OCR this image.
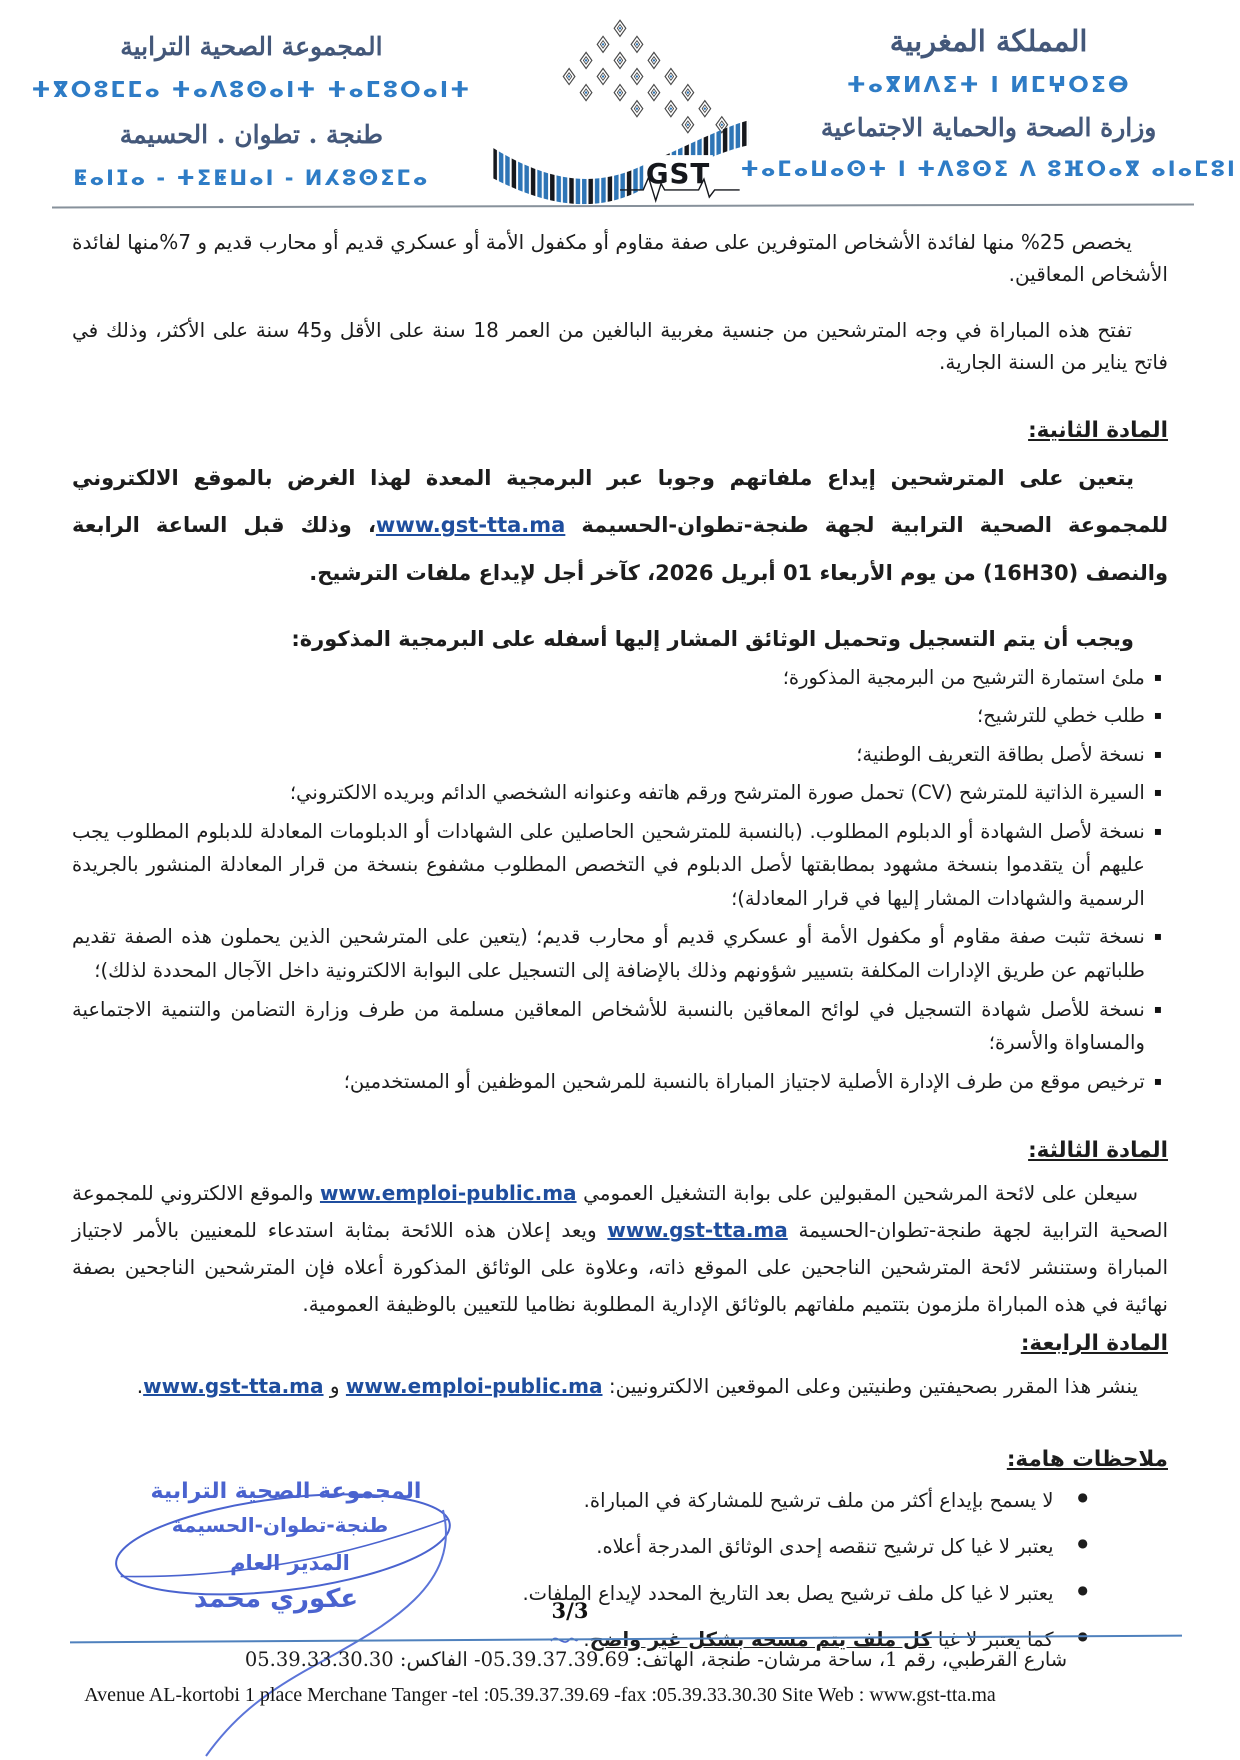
المجموعة الصحية الترابية
ⵜⴳⵔⵓⵎⵎⴰ ⵜⴰⴷⵓⵙⴰⵏⵜ ⵜⴰⵎⵓⵔⴰⵏⵜ
طنجة . تطوان . الحسيمة
ⵟⴰⵏⵊⴰ - ⵜⵉⵟⵡⴰⵏ - ⵍⵃⵓⵙⵉⵎⴰ	GST
المملكة المغربية
ⵜⴰⴳⵍⴷⵉⵜ ⵏ ⵍⵎⵖⵔⵉⴱ
وزارة الصحة والحماية الاجتماعية
ⵜⴰⵎⴰⵡⴰⵙⵜ ⵏ ⵜⴷⵓⵙⵉ ⴷ ⵓⴼⵔⴰⴳ ⴰⵏⴰⵎⵓⵏ

يخصص 25% منها لفائدة الأشخاص المتوفرين على صفة مقاوم أو مكفول الأمة أو عسكري قديم أو محارب قديم و 7%منها لفائدة الأشخاص المعاقين.

تفتح هذه المباراة في وجه المترشحين من جنسية مغربية البالغين من العمر 18 سنة على الأقل و45 سنة على الأكثر، وذلك في فاتح يناير من السنة الجارية.

المادة الثانية:

يتعين على المترشحين إيداع ملفاتهم وجوبا عبر البرمجية المعدة لهذا الغرض بالموقع الالكتروني للمجموعة الصحية الترابية لجهة طنجة-تطوان-الحسيمة www.gst-tta.ma، وذلك قبل الساعة الرابعة والنصف (16H30) من يوم الأربعاء 01 أبريل 2026، كآخر أجل لإيداع ملفات الترشيح.

ويجب أن يتم التسجيل وتحميل الوثائق المشار إليها أسفله على البرمجية المذكورة:

▪
ملئ استمارة الترشيح من البرمجية المذكورة؛
▪
طلب خطي للترشيح؛
▪
نسخة لأصل بطاقة التعريف الوطنية؛
▪
السيرة الذاتية للمترشح (CV) تحمل صورة المترشح ورقم هاتفه وعنوانه الشخصي الدائم وبريده الالكتروني؛
▪
نسخة لأصل الشهادة أو الدبلوم المطلوب. (بالنسبة للمترشحين الحاصلين على الشهادات أو الدبلومات المعادلة للدبلوم المطلوب يجب عليهم أن يتقدموا بنسخة مشهود بمطابقتها لأصل الدبلوم في التخصص المطلوب مشفوع بنسخة من قرار المعادلة المنشور بالجريدة الرسمية والشهادات المشار إليها في قرار المعادلة)؛
▪
نسخة تثبت صفة مقاوم أو مكفول الأمة أو عسكري قديم أو محارب قديم؛ (يتعين على المترشحين الذين يحملون هذه الصفة تقديم طلباتهم عن طريق الإدارات المكلفة بتسيير شؤونهم وذلك بالإضافة إلى التسجيل على البوابة الالكترونية داخل الآجال المحددة لذلك)؛
▪
نسخة للأصل شهادة التسجيل في لوائح المعاقين بالنسبة للأشخاص المعاقين مسلمة من طرف وزارة التضامن والتنمية الاجتماعية والمساواة والأسرة؛
▪
ترخيص موقع من طرف الإدارة الأصلية لاجتياز المباراة بالنسبة للمرشحين الموظفين أو المستخدمين؛
المادة الثالثة:

سيعلن على لائحة المرشحين المقبولين على بوابة التشغيل العمومي www.emploi-public.ma والموقع الالكتروني للمجموعة الصحية الترابية لجهة طنجة-تطوان-الحسيمة www.gst-tta.ma ويعد إعلان هذه اللائحة بمثابة استدعاء للمعنيين بالأمر لاجتياز المباراة وستنشر لائحة المترشحين الناجحين على الموقع ذاته، وعلاوة على الوثائق المذكورة أعلاه فإن المترشحين الناجحين بصفة نهائية في هذه المباراة ملزمون بتتميم ملفاتهم بالوثائق الإدارية المطلوبة نظاميا للتعيين بالوظيفة العمومية.

المادة الرابعة:

ينشر هذا المقرر بصحيفتين وطنيتين وعلى الموقعين الالكترونيين: www.emploi-public.ma و www.gst-tta.ma.

ملاحظات هامة:
●
لا يسمح بإيداع أكثر من ملف ترشيح للمشاركة في المباراة.
●
يعتبر لا غيا كل ترشيح تنقصه إحدى الوثائق المدرجة أعلاه.
●
يعتبر لا غيا كل ملف ترشيح يصل بعد التاريخ المحدد لإيداع الملفات.
●
كما يعتبر لا غيا كل ملف يتم مسحه بشكل غير واضح.
المجموعة الصحية الترابية
طنجة-تطوان-الحسيمة
المدير العام
عكوري محمد	3/3
شارع القرطبي، رقم 1، ساحة مرشان- طنجة، الهاتف: 05.39.37.39.69- الفاكس: 05.39.33.30.30
Avenue AL-kortobi 1 place Merchane Tanger -tel :05.39.37.39.69 -fax :05.39.33.30.30 Site Web : www.gst-tta.ma
